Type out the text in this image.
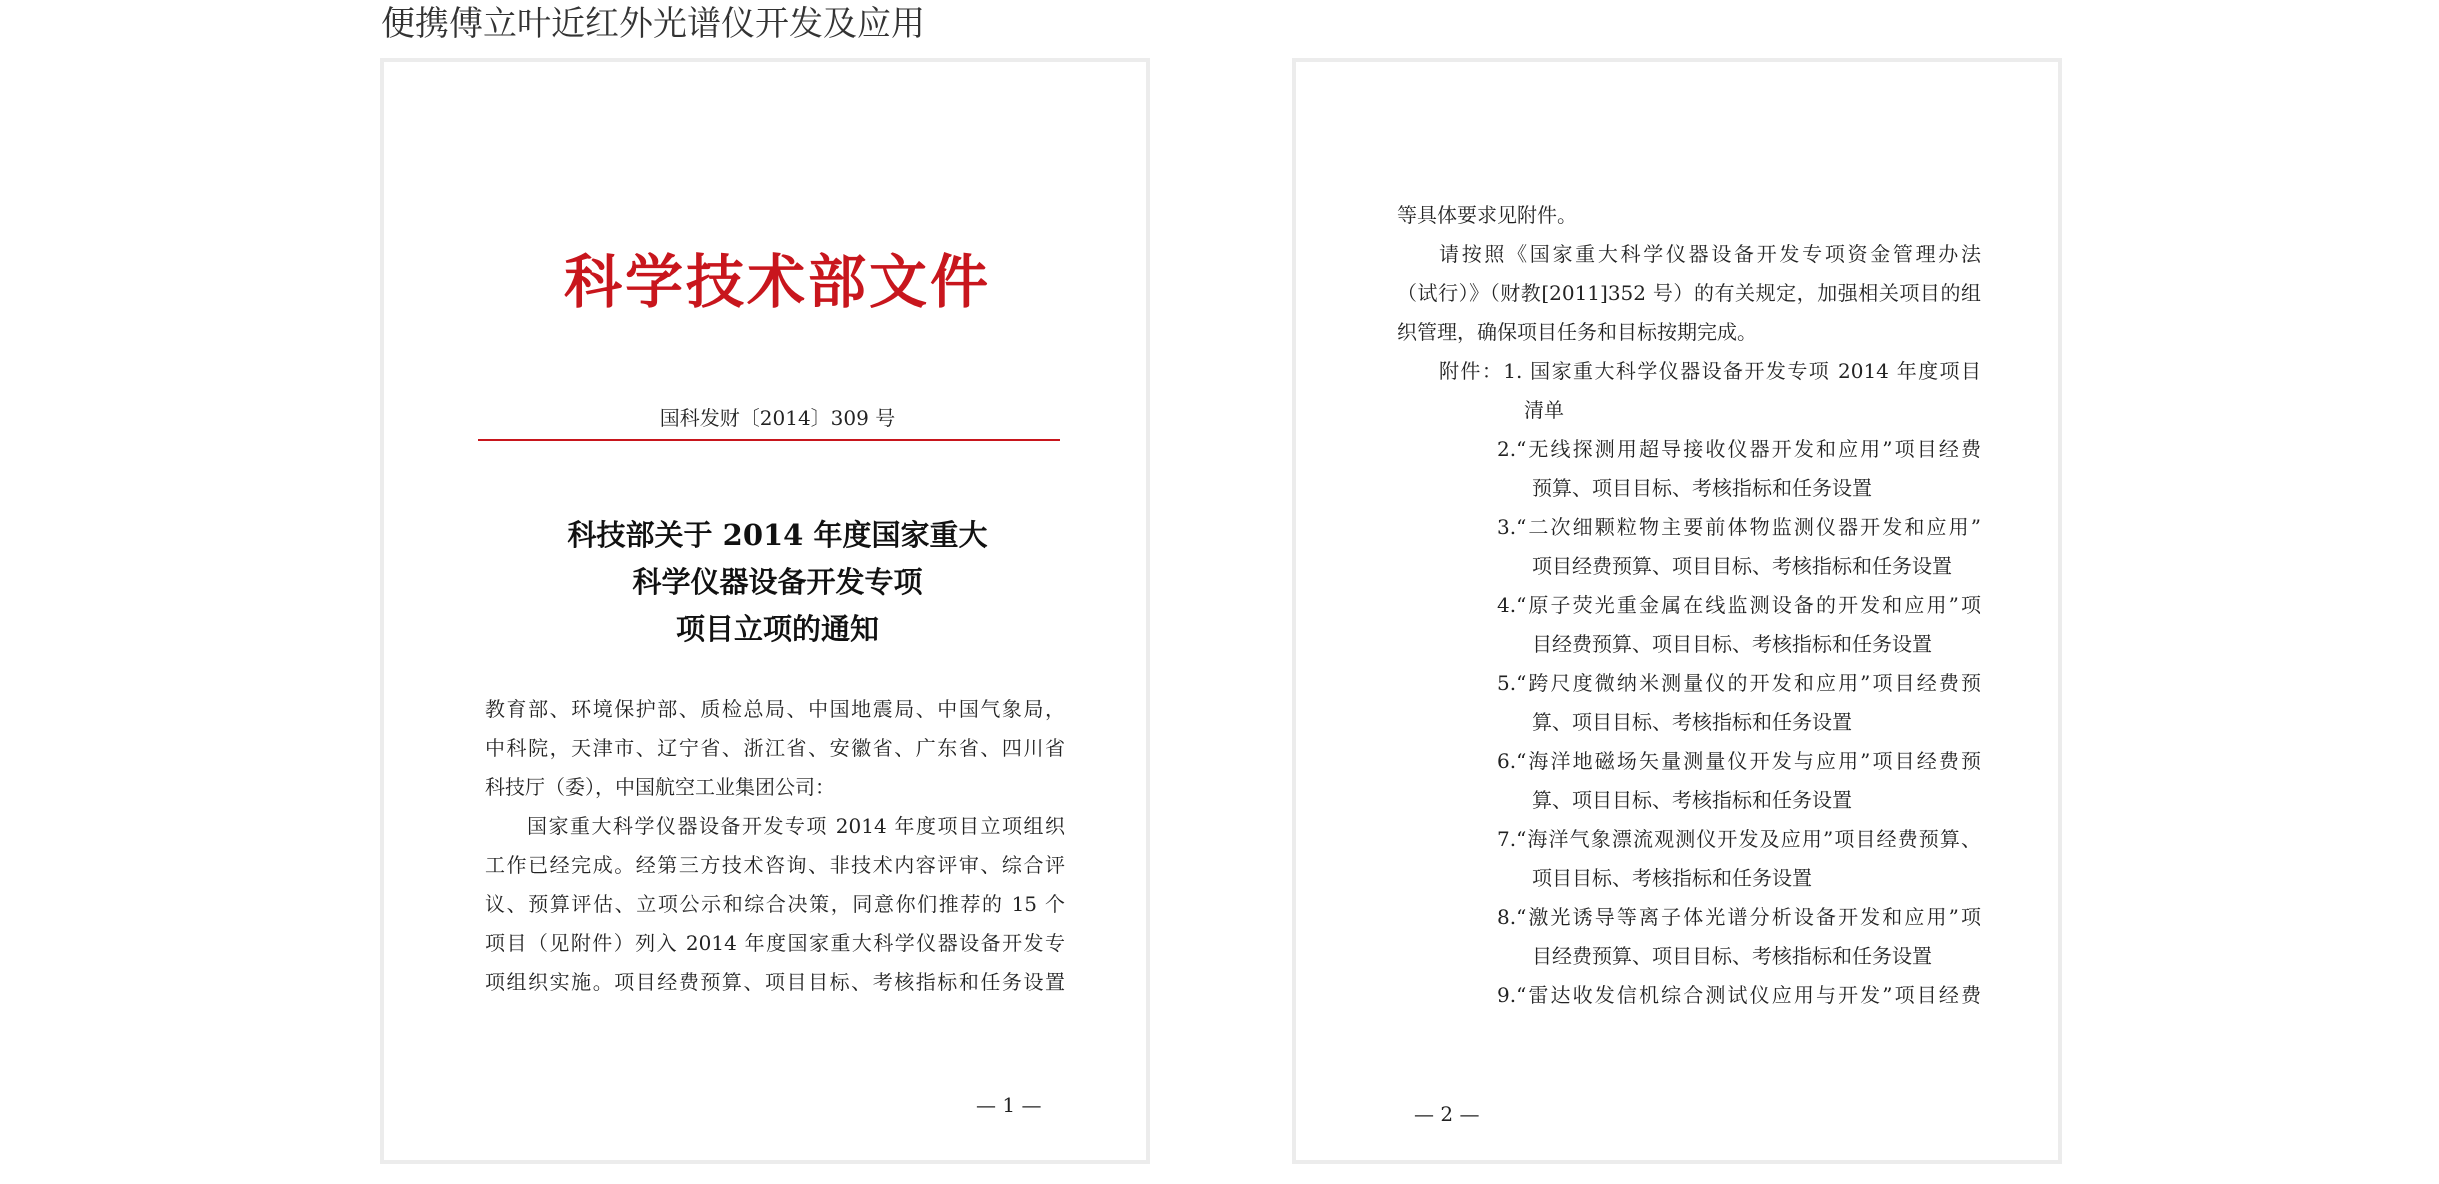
便携傅立叶近红外光谱仪开发及应用
科学技术部文件
国科发财〔2014〕309 号
科技部关于 2014 年度国家重大
科学仪器设备开发专项
项目立项的通知
教育部、环境保护部、质检总局、中国地震局、中国气象局，
中科院，天津市、辽宁省、浙江省、安徽省、广东省、四川省
科技厅（委），中国航空工业集团公司：
国家重大科学仪器设备开发专项 2014 年度项目立项组织
工作已经完成。经第三方技术咨询、非技术内容评审、综合评
议、预算评估、立项公示和综合决策，同意你们推荐的 15 个
项目（见附件）列入 2014 年度国家重大科学仪器设备开发专
项组织实施。项目经费预算、项目目标、考核指标和任务设置
— 1 —
等具体要求见附件。
请按照《国家重大科学仪器设备开发专项资金管理办法
（试行）》（财教[2011]352 号）的有关规定，加强相关项目的组
织管理，确保项目任务和目标按期完成。
附件：1. 国家重大科学仪器设备开发专项 2014 年度项目
清单
2.“无线探测用超导接收仪器开发和应用”项目经费
预算、项目目标、考核指标和任务设置
3.“二次细颗粒物主要前体物监测仪器开发和应用”
项目经费预算、项目目标、考核指标和任务设置
4.“原子荧光重金属在线监测设备的开发和应用”项
目经费预算、项目目标、考核指标和任务设置
5.“跨尺度微纳米测量仪的开发和应用”项目经费预
算、项目目标、考核指标和任务设置
6.“海洋地磁场矢量测量仪开发与应用”项目经费预
算、项目目标、考核指标和任务设置
7.“海洋气象漂流观测仪开发及应用”项目经费预算、
项目目标、考核指标和任务设置
8.“激光诱导等离子体光谱分析设备开发和应用”项
目经费预算、项目目标、考核指标和任务设置
9.“雷达收发信机综合测试仪应用与开发”项目经费
— 2 —
